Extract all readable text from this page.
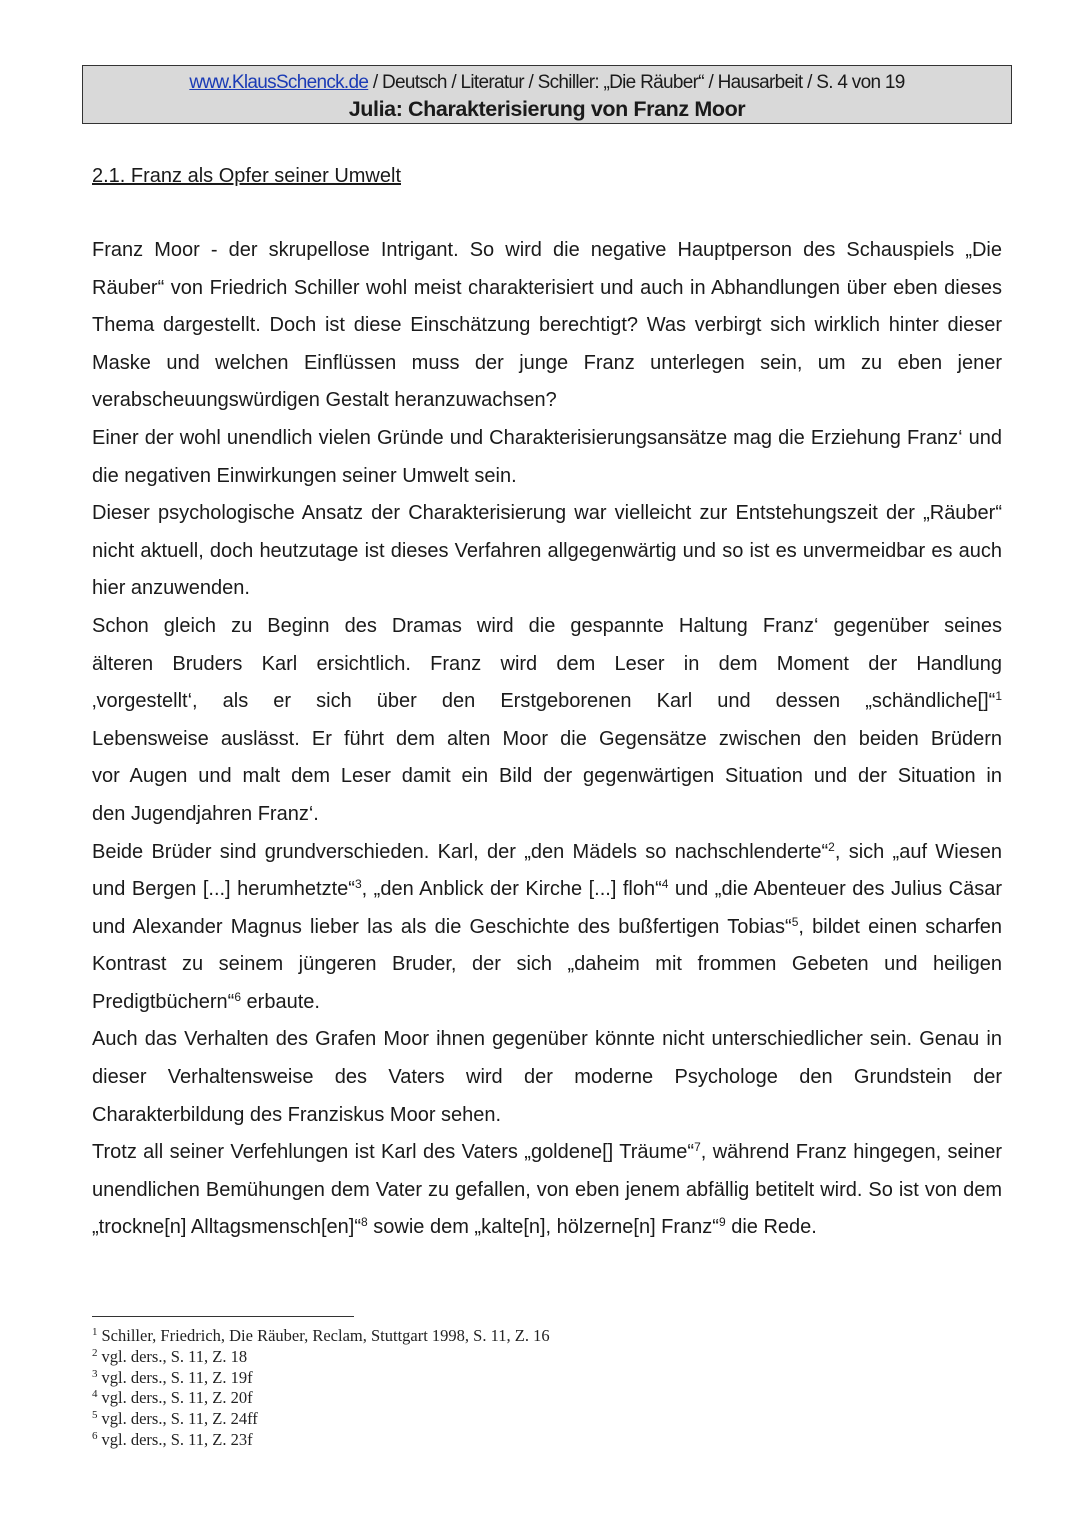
www.KlausSchenck.de / Deutsch / Literatur / Schiller: „Die Räuber“ / Hausarbeit / S. 4 von 19
Julia: Charakterisierung von Franz Moor
2.1. Franz als Opfer seiner Umwelt

Franz Moor - der skrupellose Intrigant. So wird die negative Hauptperson des Schauspiels „Die Räuber“ von Friedrich Schiller wohl meist charakterisiert und auch in Abhandlungen über eben dieses Thema dargestellt. Doch ist diese Einschätzung berechtigt? Was verbirgt sich wirklich hinter dieser Maske und welchen Einflüssen muss der junge Franz unterlegen sein, um zu eben jener verabscheuungswürdigen Gestalt heranzuwachsen?

Einer der wohl unendlich vielen Gründe und Charakterisierungsansätze mag die Erziehung Franz‘ und die negativen Einwirkungen seiner Umwelt sein.

Dieser psychologische Ansatz der Charakterisierung war vielleicht zur Entstehungszeit der „Räuber“ nicht aktuell, doch heutzutage ist dieses Verfahren allgegenwärtig und so ist es unvermeidbar es auch hier anzuwenden.

Schon gleich zu Beginn des Dramas wird die gespannte Haltung Franz‘ gegenüber seines
älteren Bruders Karl ersichtlich. Franz wird dem Leser in dem Moment der Handlung
‚vorgestellt‘, als er sich über den Erstgeborenen Karl und dessen „schändliche[]“$^1$
Lebensweise auslässt. Er führt dem alten Moor die Gegensätze zwischen den beiden Brüdern
vor Augen und malt dem Leser damit ein Bild der gegenwärtigen Situation und der Situation in
den Jugendjahren Franz‘.

Beide Brüder sind grundverschieden. Karl, der „den Mädels so nachschlenderte“$^2$, sich „auf Wiesen und Bergen [...] herumhetzte“$^3$, „den Anblick der Kirche [...] floh“$^4$ und „die Abenteuer des Julius Cäsar und Alexander Magnus lieber las als die Geschichte des bußfertigen Tobias“$^5$, bildet einen scharfen Kontrast zu seinem jüngeren Bruder, der sich „daheim mit frommen Gebeten und heiligen Predigtbüchern“$^6$ erbaute.

Auch das Verhalten des Grafen Moor ihnen gegenüber könnte nicht unterschiedlicher sein. Genau in dieser Verhaltensweise des Vaters wird der moderne Psychologe den Grundstein der Charakterbildung des Franziskus Moor sehen.

Trotz all seiner Verfehlungen ist Karl des Vaters „goldene[] Träume“$^7$, während Franz hingegen, seiner unendlichen Bemühungen dem Vater zu gefallen, von eben jenem abfällig betitelt wird. So ist von dem „trockne[n] Alltagsmensch[en]“$^8$ sowie dem „kalte[n], hölzerne[n] Franz“$^9$ die Rede.

$^1$ Schiller, Friedrich, Die Räuber, Reclam, Stuttgart 1998, S. 11, Z. 16
$^2$ vgl. ders., S. 11, Z. 18
$^3$ vgl. ders., S. 11, Z. 19f
$^4$ vgl. ders., S. 11, Z. 20f
$^5$ vgl. ders., S. 11, Z. 24ff
$^6$ vgl. ders., S. 11, Z. 23f
